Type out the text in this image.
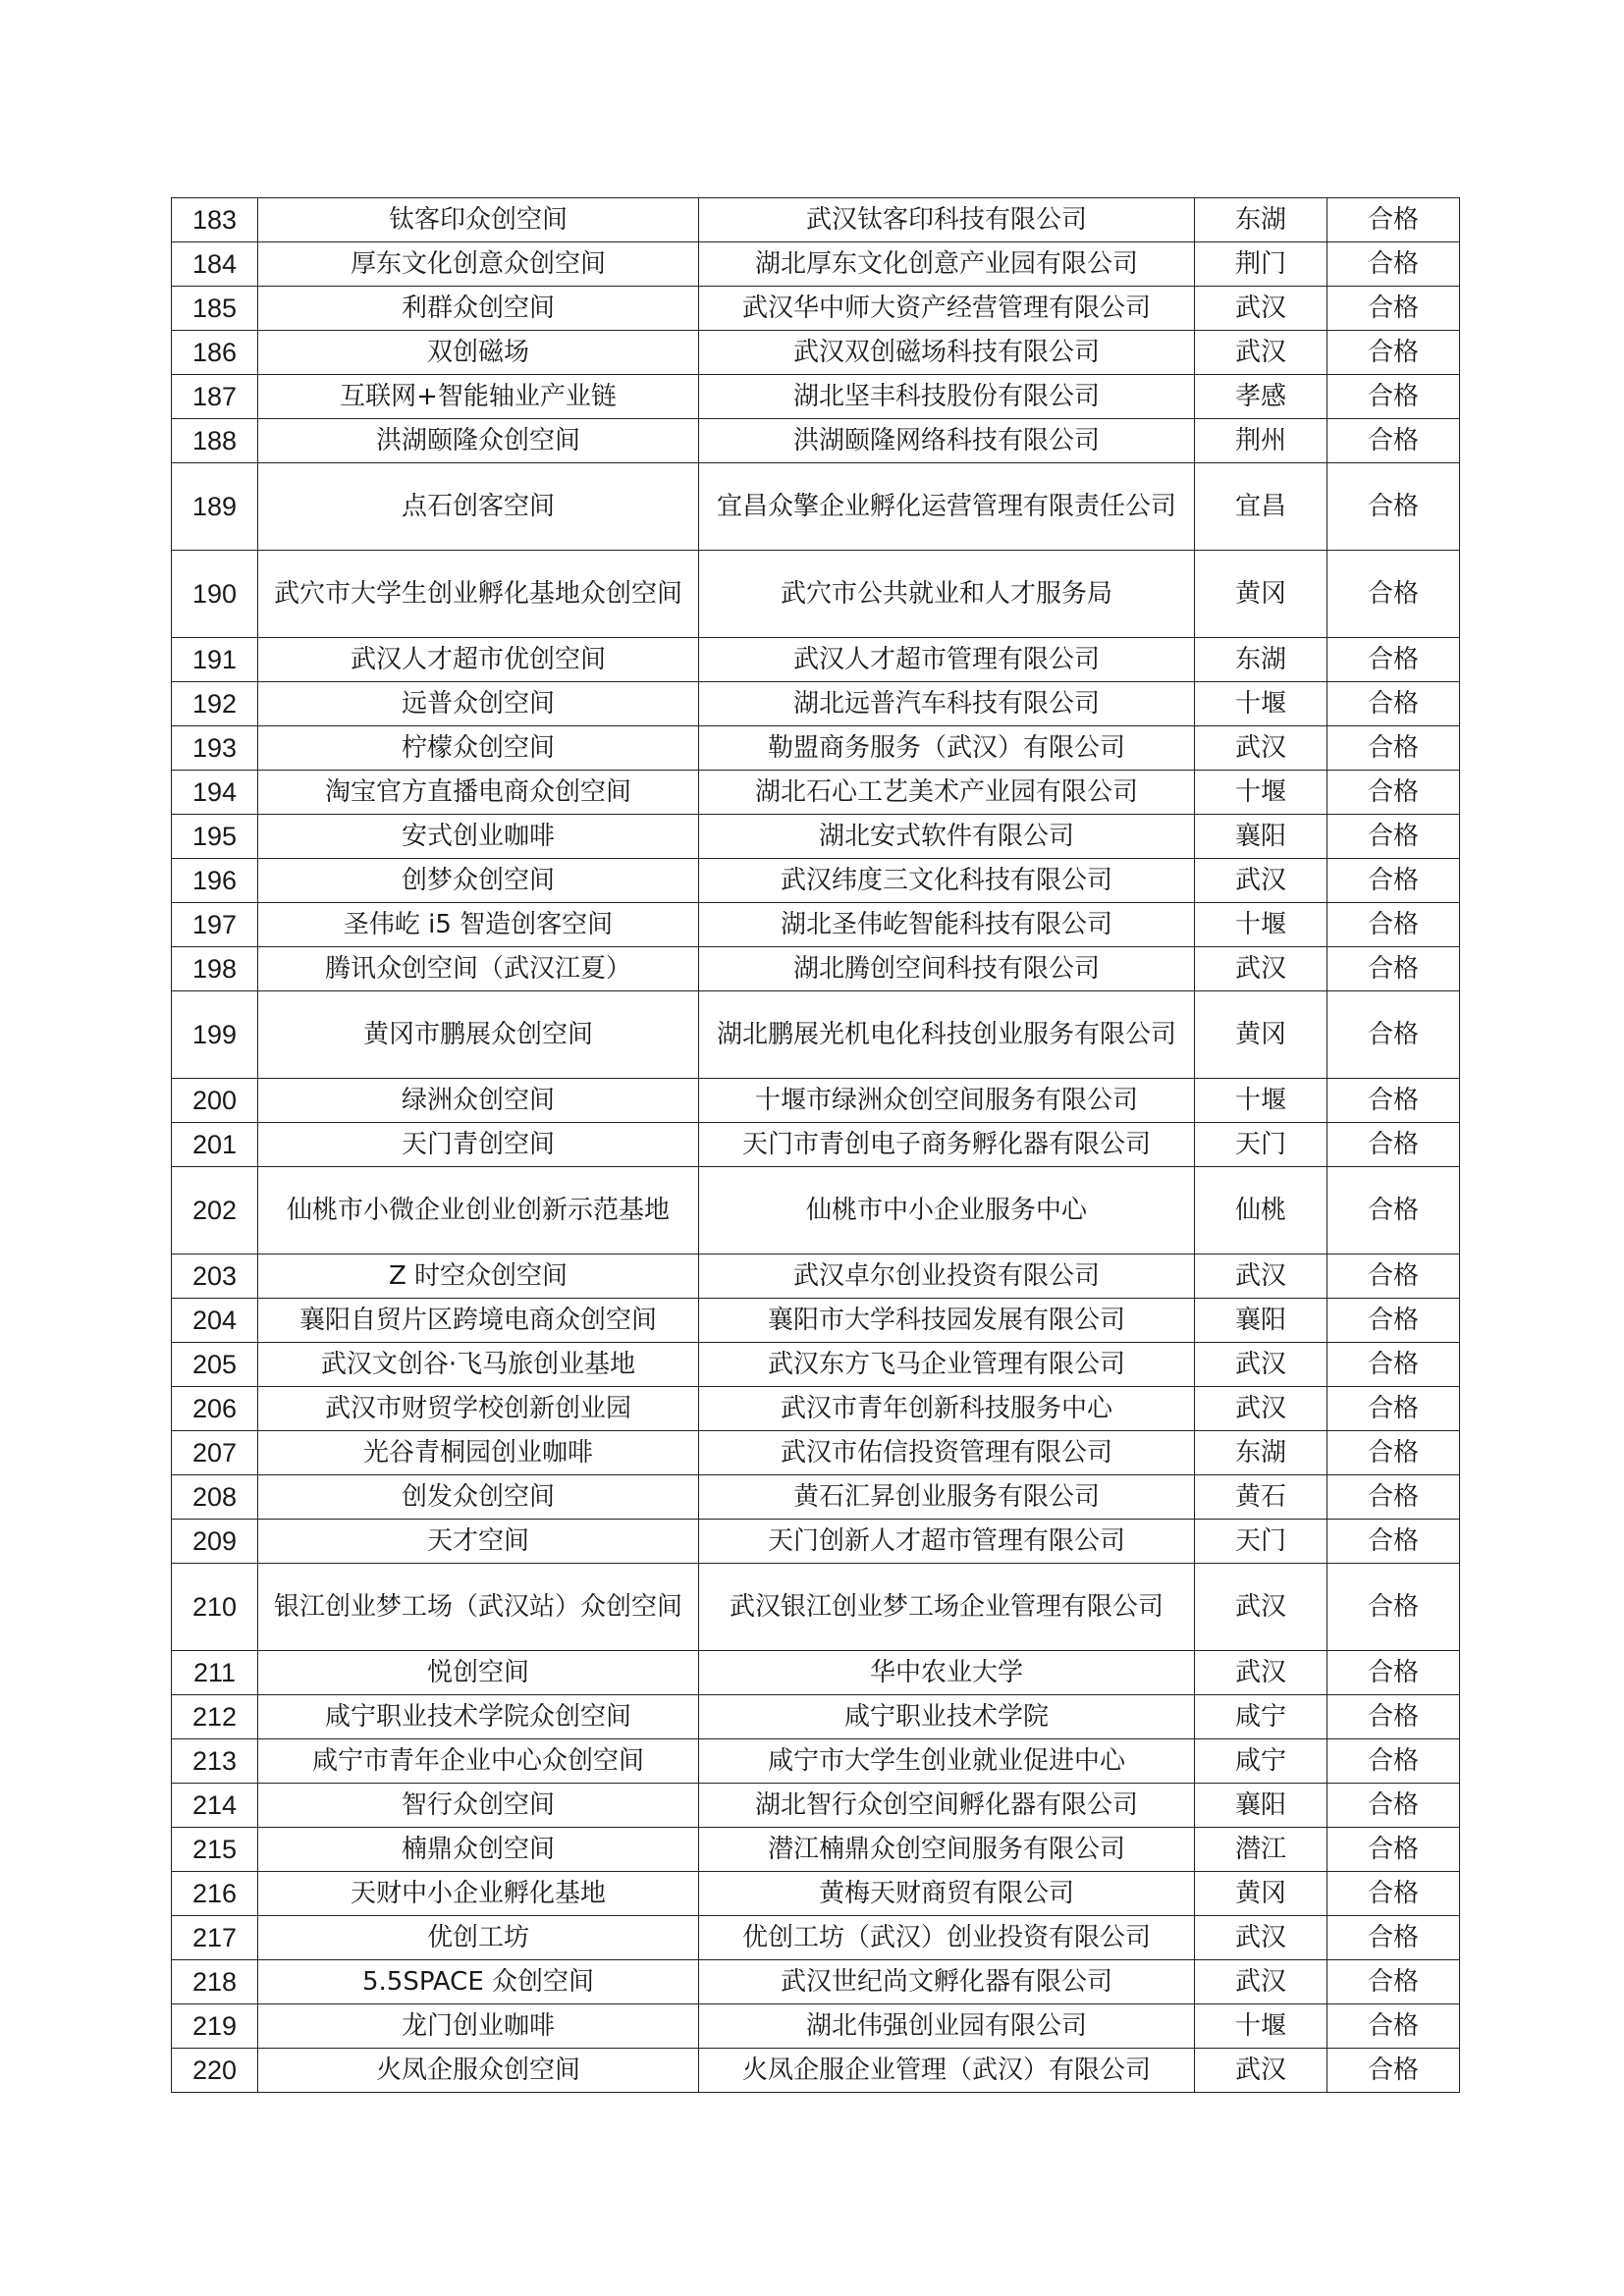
183	钛客印众创空间	武汉钛客印科技有限公司	东湖	合格
184	厚东文化创意众创空间	湖北厚东文化创意产业园有限公司	荆门	合格
185	利群众创空间	武汉华中师大资产经营管理有限公司	武汉	合格
186	双创磁场	武汉双创磁场科技有限公司	武汉	合格
187	互联网+智能轴业产业链	湖北坚丰科技股份有限公司	孝感	合格
188	洪湖颐隆众创空间	洪湖颐隆网络科技有限公司	荆州	合格
189	点石创客空间	宜昌众擎企业孵化运营管理有限责任公司	宜昌	合格
190	武穴市大学生创业孵化基地众创空间	武穴市公共就业和人才服务局	黄冈	合格
191	武汉人才超市优创空间	武汉人才超市管理有限公司	东湖	合格
192	远普众创空间	湖北远普汽车科技有限公司	十堰	合格
193	柠檬众创空间	勒盟商务服务（武汉）有限公司	武汉	合格
194	淘宝官方直播电商众创空间	湖北石心工艺美术产业园有限公司	十堰	合格
195	安式创业咖啡	湖北安式软件有限公司	襄阳	合格
196	创梦众创空间	武汉纬度三文化科技有限公司	武汉	合格
197	圣伟屹 i5 智造创客空间	湖北圣伟屹智能科技有限公司	十堰	合格
198	腾讯众创空间（武汉江夏）	湖北腾创空间科技有限公司	武汉	合格
199	黄冈市鹏展众创空间	湖北鹏展光机电化科技创业服务有限公司	黄冈	合格
200	绿洲众创空间	十堰市绿洲众创空间服务有限公司	十堰	合格
201	天门青创空间	天门市青创电子商务孵化器有限公司	天门	合格
202	仙桃市小微企业创业创新示范基地	仙桃市中小企业服务中心	仙桃	合格
203	Z 时空众创空间	武汉卓尔创业投资有限公司	武汉	合格
204	襄阳自贸片区跨境电商众创空间	襄阳市大学科技园发展有限公司	襄阳	合格
205	武汉文创谷·飞马旅创业基地	武汉东方飞马企业管理有限公司	武汉	合格
206	武汉市财贸学校创新创业园	武汉市青年创新科技服务中心	武汉	合格
207	光谷青桐园创业咖啡	武汉市佑信投资管理有限公司	东湖	合格
208	创发众创空间	黄石汇昇创业服务有限公司	黄石	合格
209	天才空间	天门创新人才超市管理有限公司	天门	合格
210	银江创业梦工场（武汉站）众创空间	武汉银江创业梦工场企业管理有限公司	武汉	合格
211	悦创空间	华中农业大学	武汉	合格
212	咸宁职业技术学院众创空间	咸宁职业技术学院	咸宁	合格
213	咸宁市青年企业中心众创空间	咸宁市大学生创业就业促进中心	咸宁	合格
214	智行众创空间	湖北智行众创空间孵化器有限公司	襄阳	合格
215	楠鼎众创空间	潜江楠鼎众创空间服务有限公司	潜江	合格
216	天财中小企业孵化基地	黄梅天财商贸有限公司	黄冈	合格
217	优创工坊	优创工坊（武汉）创业投资有限公司	武汉	合格
218	5.5SPACE 众创空间	武汉世纪尚文孵化器有限公司	武汉	合格
219	龙门创业咖啡	湖北伟强创业园有限公司	十堰	合格
220	火凤企服众创空间	火凤企服企业管理（武汉）有限公司	武汉	合格
